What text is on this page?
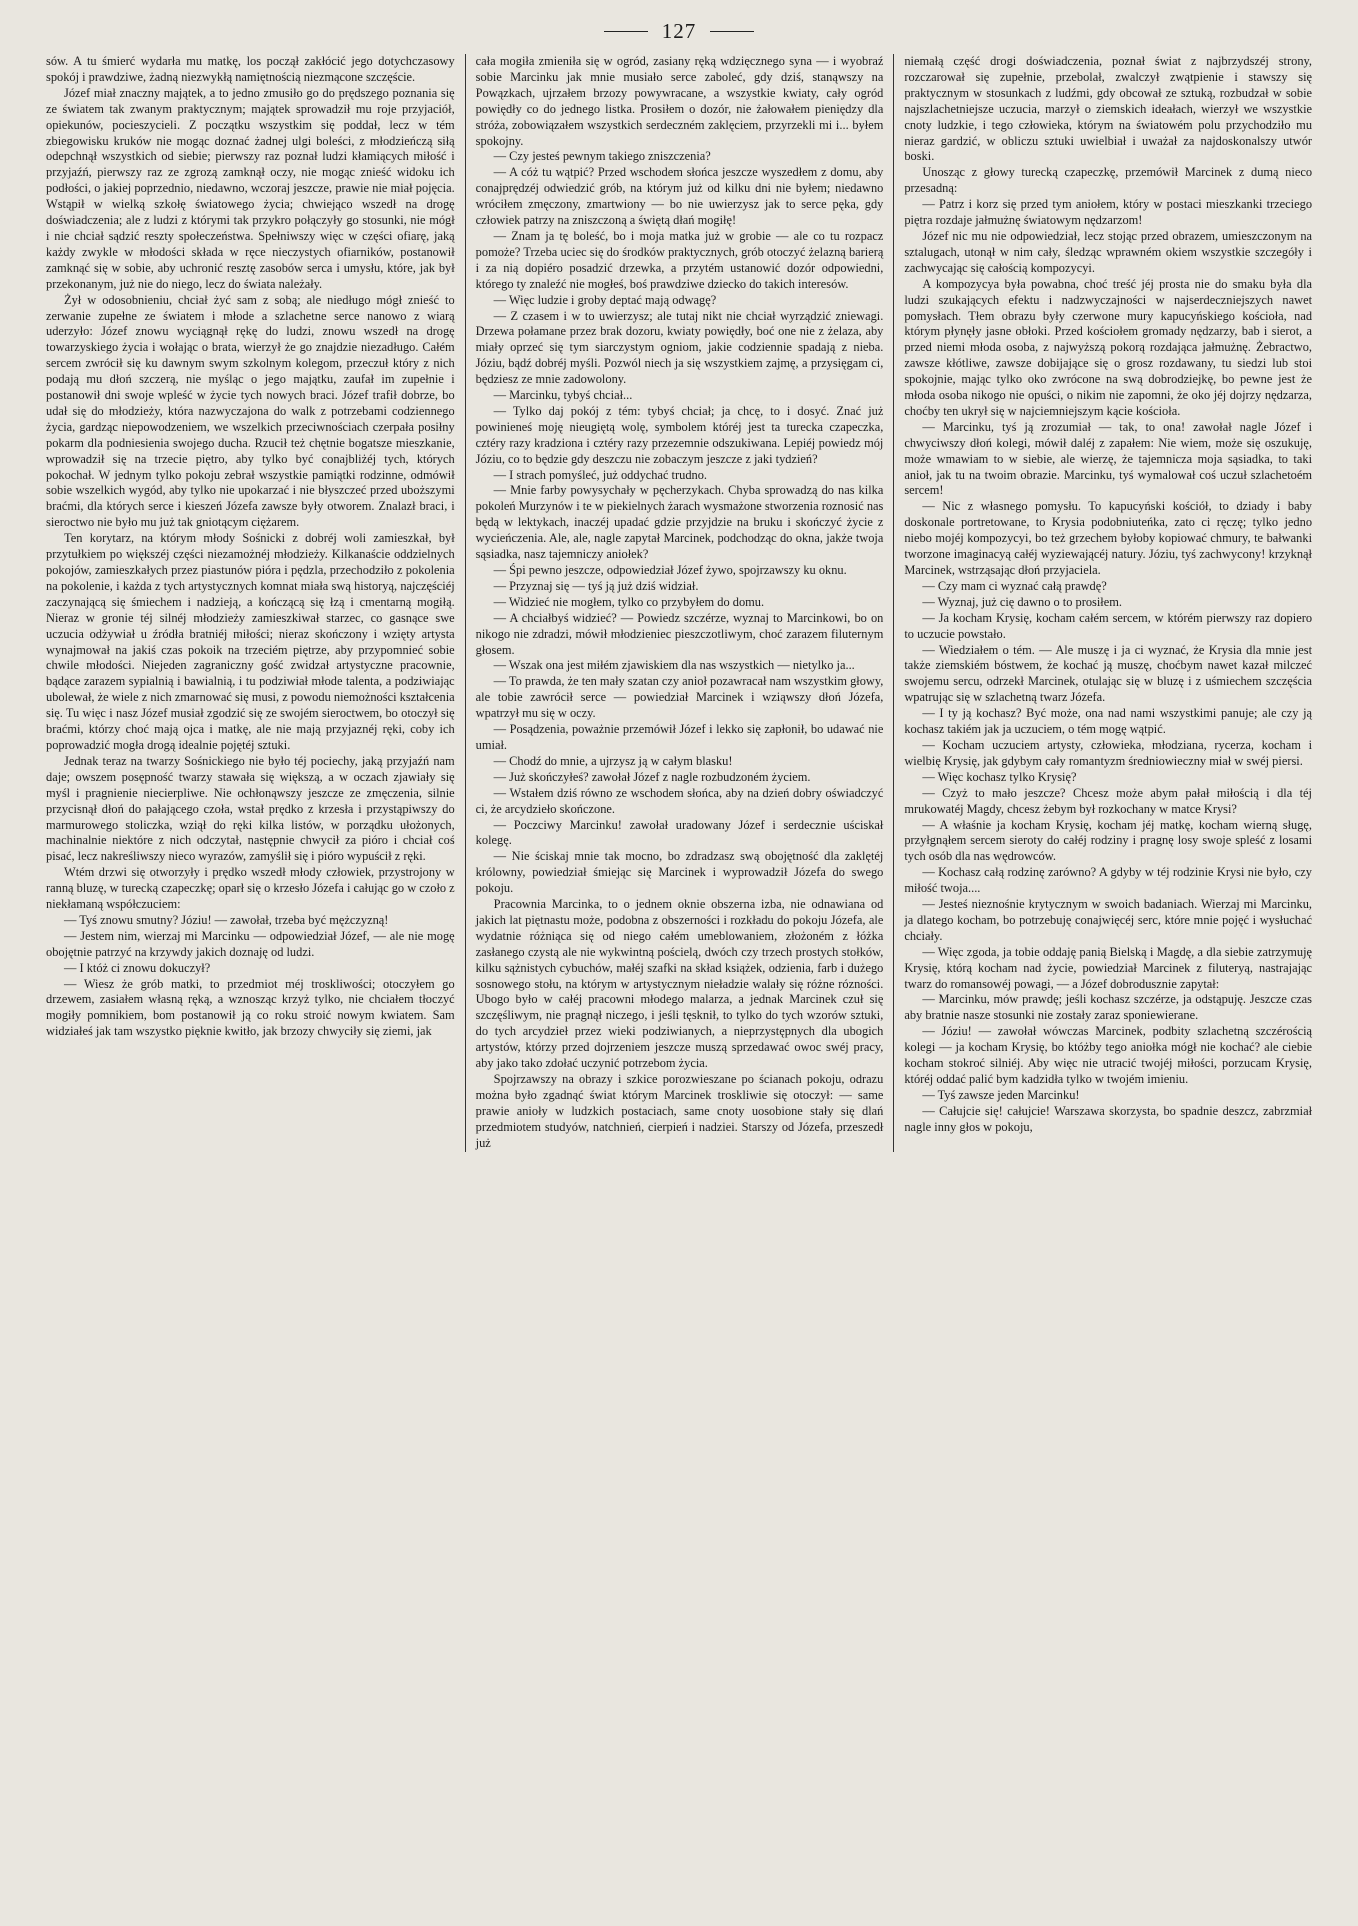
127

sów. A tu śmierć wydarła mu matkę, los począł zakłócić jego dotychczasowy spokój i prawdziwe, żadną niezwykłą namiętnością niezmącone szczęście.

Józef miał znaczny majątek, a to jedno zmusiło go do prędszego poznania się ze światem tak zwanym praktycznym; majątek sprowadził mu roje przyjaciół, opiekunów, pocieszycieli. Z początku wszystkim się poddał, lecz w tém zbiegowisku kruków nie mogąc doznać żadnej ulgi boleści, z młodzieńczą siłą odepchnął wszystkich od siebie; pierwszy raz poznał ludzi kłamiących miłość i przyjaźń, pierwszy raz ze zgrozą zamknął oczy, nie mogąc znieść widoku ich podłości, o jakiej poprzednio, niedawno, wczoraj jeszcze, prawie nie miał pojęcia. Wstąpił w wielką szkołę światowego życia; chwiejąco wszedł na drogę doświadczenia; ale z ludzi z którymi tak przykro połączyły go stosunki, nie mógł i nie chciał sądzić reszty społeczeństwa. Spełniwszy więc w części ofiarę, jaką każdy zwykle w młodości składa w ręce nieczystych ofiarników, postanowił zamknąć się w sobie, aby uchronić resztę zasobów serca i umysłu, które, jak był przekonanym, już nie do niego, lecz do świata należały.

Żył w odosobnieniu, chciał żyć sam z sobą; ale niedługo mógł znieść to zerwanie zupełne ze światem i młode a szlachetne serce nanowo z wiarą uderzyło: Józef znowu wyciągnął rękę do ludzi, znowu wszedł na drogę towarzyskiego życia i wołając o brata, wierzył że go znajdzie niezadługo. Całém sercem zwrócił się ku dawnym swym szkolnym kolegom, przeczuł który z nich podają mu dłoń szczerą, nie myśląc o jego majątku, zaufał im zupełnie i postanowił dni swoje wpleść w życie tych nowych braci. Józef trafił dobrze, bo udał się do młodzieży, która nazwyczajona do walk z potrzebami codziennego życia, gardząc niepowodzeniem, we wszelkich przeciwnościach czerpała posiłny pokarm dla podniesienia swojego ducha. Rzucił też chętnie bogatsze mieszkanie, wprowadził się na trzecie piętro, aby tylko być conajbliżéj tych, których pokochał. W jednym tylko pokoju zebrał wszystkie pamiątki rodzinne, odmówił sobie wszelkich wygód, aby tylko nie upokarzać i nie błyszczeć przed uboższymi braćmi, dla których serce i kieszeń Józefa zawsze były otworem. Znalazł braci, i sieroctwo nie było mu już tak gniotącym ciężarem.

Ten korytarz, na którym młody Sośnicki z dobréj woli zamieszkał, był przytułkiem po większéj części niezamożnéj młodzieży. Kilkanaście oddzielnych pokojów, zamieszkałych przez piastunów pióra i pędzla, przechodziło z pokolenia na pokolenie, i każda z tych artystycznych komnat miała swą historyą, najczęściéj zaczynającą się śmiechem i nadzieją, a kończącą się łzą i cmentarną mogiłą. Nieraz w gronie téj silnéj młodzieży zamieszkiwał starzec, co gasnące swe uczucia odżywiał u źródła bratniéj miłości; nieraz skończony i wzięty artysta wynajmował na jakiś czas pokoik na trzeciém piętrze, aby przypomnieć sobie chwile młodości. Niejeden zagraniczny gość zwidzał artystyczne pracownie, bądące zarazem sypialnią i bawialnią, i tu podziwiał młode talenta, a podziwiając ubolewał, że wiele z nich zmarnować się musi, z powodu niemożności kształcenia się. Tu więc i nasz Józef musiał zgodzić się ze swojém sieroctwem, bo otoczył się braćmi, którzy choć mają ojca i matkę, ale nie mają przyjaznéj ręki, coby ich poprowadzić mogła drogą idealnie pojętéj sztuki.

Jednak teraz na twarzy Sośnickiego nie było téj pociechy, jaką przyjaźń nam daje; owszem posępność twarzy stawała się większą, a w oczach zjawiały się myśl i pragnienie niecierpliwe. Nie ochłonąwszy jeszcze ze zmęczenia, silnie przycisnął dłoń do pałającego czoła, wstał prędko z krzesła i przystąpiwszy do marmurowego stoliczka, wziął do ręki kilka listów, w porządku ułożonych, machinalnie niektóre z nich odczytał, następnie chwycił za pióro i chciał coś pisać, lecz nakreśliwszy nieco wyrazów, zamyślił się i pióro wypuścił z ręki.

Wtém drzwi się otworzyły i prędko wszedł młody człowiek, przystrojony w ranną bluzę, w turecką czapeczkę; oparł się o krzesło Józefa i całując go w czoło z niekłamaną współczuciem:

— Tyś znowu smutny? Józiu! — zawołał, trzeba być mężczyzną!

— Jestem nim, wierzaj mi Marcinku — odpowiedział Józef, — ale nie mogę obojętnie patrzyć na krzywdy jakich doznaję od ludzi.

— I któż ci znowu dokuczył?

— Wiesz że grób matki, to przedmiot méj troskliwości; otoczyłem go drzewem, zasiałem własną ręką, a wznosząc krzyż tylko, nie chciałem tłoczyć mogiły pomnikiem, bom postanowił ją co roku stroić nowym kwiatem. Sam widziałeś jak tam wszystko pięknie kwitło, jak brzozy chwyciły się ziemi, jak

cała mogiła zmieniła się w ogród, zasiany ręką wdzięcznego syna — i wyobraź sobie Marcinku jak mnie musiało serce zaboleć, gdy dziś, stanąwszy na Powązkach, ujrzałem brzozy powywracane, a wszystkie kwiaty, cały ogród powiędły co do jednego listka. Prosiłem o dozór, nie żałowałem pieniędzy dla stróża, zobowiązałem wszystkich serdeczném zaklęciem, przyrzekli mi i... byłem spokojny.

— Czy jesteś pewnym takiego zniszczenia?

— A cóż tu wątpić? Przed wschodem słońca jeszcze wyszedłem z domu, aby conajprędzéj odwiedzić grób, na którym już od kilku dni nie byłem; niedawno wróciłem zmęczony, zmartwiony — bo nie uwierzysz jak to serce pęka, gdy człowiek patrzy na zniszczoną a świętą dłań mogiłę!

— Znam ja tę boleść, bo i moja matka już w grobie — ale co tu rozpacz pomoże? Trzeba uciec się do środków praktycznych, grób otoczyć żelazną barierą i za nią dopiéro posadzić drzewka, a przytém ustanowić dozór odpowiedni, którego ty znaleźć nie mogłeś, boś prawdziwe dziecko do takich interesów.

— Więc ludzie i groby deptać mają odwagę?

— Z czasem i w to uwierzysz; ale tutaj nikt nie chciał wyrządzić zniewagi. Drzewa połamane przez brak dozoru, kwiaty powiędły, boć one nie z żelaza, aby miały oprzeć się tym siarczystym ogniom, jakie codziennie spadają z nieba. Józiu, bądź dobréj myśli. Pozwól niech ja się wszystkiem zajmę, a przysięgam ci, będziesz ze mnie zadowolony.

— Marcinku, tybyś chciał...

— Tylko daj pokój z tém: tybyś chciał; ja chcę, to i dosyć. Znać już powinieneś moję nieugiętą wolę, symbolem któréj jest ta turecka czapeczka, cztéry razy kradziona i cztéry razy przezemnie odszukiwana. Lepiéj powiedz mój Józiu, co to będzie gdy deszczu nie zobaczym jeszcze z jaki tydzień?

— I strach pomyśleć, już oddychać trudno.

— Mnie farby powysychały w pęcherzykach. Chyba sprowadzą do nas kilka pokoleń Murzynów i te w piekielnych żarach wysmażone stworzenia roznosić nas będą w lektykach, inaczéj upadać gdzie przyjdzie na bruku i skończyć życie z wycieńczenia. Ale, ale, nagle zapytał Marcinek, podchodząc do okna, jakże twoja sąsiadka, nasz tajemniczy aniołek?

— Śpi pewno jeszcze, odpowiedział Józef żywo, spojrzawszy ku oknu.

— Przyznaj się — tyś ją już dziś widział.

— Widzieć nie mogłem, tylko co przybyłem do domu.

— A chciałbyś widzieć? — Powiedz szczérze, wyznaj to Marcinkowi, bo on nikogo nie zdradzi, mówił młodzieniec pieszczotliwym, choć zarazem filuternym głosem.

— Wszak ona jest miłém zjawiskiem dla nas wszystkich — nietylko ja...

— To prawda, że ten mały szatan czy anioł pozawracał nam wszystkim głowy, ale tobie zawrócił serce — powiedział Marcinek i wziąwszy dłoń Józefa, wpatrzył mu się w oczy.

— Posądzenia, poważnie przemówił Józef i lekko się zapłonił, bo udawać nie umiał.

— Chodź do mnie, a ujrzysz ją w całym blasku!

— Już skończyłeś? zawołał Józef z nagle rozbudzoném życiem.

— Wstałem dziś równo ze wschodem słońca, aby na dzień dobry oświadczyć ci, że arcydzieło skończone.

— Poczciwy Marcinku! zawołał uradowany Józef i serdecznie uściskał kolegę.

— Nie ściskaj mnie tak mocno, bo zdradzasz swą obojętność dla zaklętéj królowny, powiedział śmiejąc się Marcinek i wyprowadził Józefa do swego pokoju.

Pracownia Marcinka, to o jednem oknie obszerna izba, nie odnawiana od jakich lat piętnastu może, podobna z obszerności i rozkładu do pokoju Józefa, ale wydatnie różniąca się od niego całém umeblowaniem, złożoném z łóżka zasłanego czystą ale nie wykwintną pościelą, dwóch czy trzech prostych stołków, kilku sążnistych cybuchów, małéj szafki na skład książek, odzienia, farb i dużego sosnowego stołu, na którym w artystycznym nieładzie walały się różne rózności. Ubogo było w całéj pracowni młodego malarza, a jednak Marcinek czuł się szczęśliwym, nie pragnął niczego, i jeśli tęsknił, to tylko do tych wzorów sztuki, do tych arcydzieł przez wieki podziwianych, a nieprzystępnych dla ubogich artystów, którzy przed dojrzeniem jeszcze muszą sprzedawać owoc swéj pracy, aby jako tako zdołać uczynić potrzebom życia.

Spojrzawszy na obrazy i szkice porozwieszane po ścianach pokoju, odrazu można było zgadnąć świat którym Marcinek troskliwie się otoczył: — same prawie anioły w ludzkich postaciach, same cnoty uosobione stały się dlań przedmiotem studyów, natchnień, cierpień i nadziei. Starszy od Józefa, przeszedł już

niemałą część drogi doświadczenia, poznał świat z najbrzydszéj strony, rozczarował się zupełnie, przebolał, zwalczył zwątpienie i stawszy się praktycznym w stosunkach z ludźmi, gdy obcował ze sztuką, rozbudzał w sobie najszlachetniejsze uczucia, marzył o ziemskich ideałach, wierzył we wszystkie cnoty ludzkie, i tego człowieka, którym na światowém polu przychodziło mu nieraz gardzić, w obliczu sztuki uwielbiał i uważał za najdoskonalszy utwór boski.

Unosząc z głowy turecką czapeczkę, przemówił Marcinek z dumą nieco przesadną:

— Patrz i korz się przed tym aniołem, który w postaci mieszkanki trzeciego piętra rozdaje jałmużnę światowym nędzarzom!

Józef nic mu nie odpowiedział, lecz stojąc przed obrazem, umieszczonym na sztalugach, utonął w nim cały, śledząc wprawném okiem wszystkie szczegóły i zachwycając się całością kompozycyi.

A kompozycya była powabna, choć treść jéj prosta nie do smaku była dla ludzi szukających efektu i nadzwyczajności w najserdeczniejszych nawet pomysłach. Tłem obrazu były czerwone mury kapucyńskiego kościoła, nad którym płynęły jasne obłoki. Przed kościołem gromady nędzarzy, bab i sierot, a przed niemi młoda osoba, z najwyższą pokorą rozdająca jałmużnę. Żebractwo, zawsze kłótliwe, zawsze dobijające się o grosz rozdawany, tu siedzi lub stoi spokojnie, mając tylko oko zwrócone na swą dobrodziejkę, bo pewne jest że młoda osoba nikogo nie opuści, o nikim nie zapomni, że oko jéj dojrzy nędzarza, choćby ten ukrył się w najciemniejszym kącie kościoła.

— Marcinku, tyś ją zrozumiał — tak, to ona! zawołał nagle Józef i chwyciwszy dłoń kolegi, mówił daléj z zapałem: Nie wiem, może się oszukuję, może wmawiam to w siebie, ale wierzę, że tajemnicza moja sąsiadka, to taki anioł, jak tu na twoim obrazie. Marcinku, tyś wymalował coś uczuł szlachetoém sercem!

— Nic z własnego pomysłu. To kapucyński kościół, to dziady i baby doskonale portretowane, to Krysia podobniuteńka, zato ci ręczę; tylko jedno niebo mojéj kompozycyi, bo też grzechem byłoby kopiować chmury, te bałwanki tworzone imaginacyą całéj wyziewającéj natury. Józiu, tyś zachwycony! krzyknął Marcinek, wstrząsając dłoń przyjaciela.

— Czy mam ci wyznać całą prawdę?

— Wyznaj, już cię dawno o to prosiłem.

— Ja kocham Krysię, kocham całém sercem, w którém pierwszy raz dopiero to uczucie powstało.

— Wiedziałem o tém. — Ale muszę i ja ci wyznać, że Krysia dla mnie jest także ziemskiém bóstwem, że kochać ją muszę, choćbym nawet kazał milczeć swojemu sercu, odrzekł Marcinek, otulając się w bluzę i z uśmiechem szczęścia wpatrując się w szlachetną twarz Józefa.

— I ty ją kochasz? Być może, ona nad nami wszystkimi panuje; ale czy ją kochasz takiém jak ja uczuciem, o tém mogę wątpić.

— Kocham uczuciem artysty, człowieka, młodziana, rycerza, kocham i wielbię Krysię, jak gdybym cały romantyzm średniowieczny miał w swéj piersi.

— Więc kochasz tylko Krysię?

— Czyż to mało jeszcze? Chcesz może abym pałał miłością i dla téj mrukowatéj Magdy, chcesz żebym był rozkochany w matce Krysi?

— A właśnie ja kocham Krysię, kocham jéj matkę, kocham wierną sługę, przyłgnąłem sercem sieroty do całéj rodziny i pragnę losy swoje spleść z losami tych osób dla nas wędrowców.

— Kochasz całą rodzinę zarówno? A gdyby w téj rodzinie Krysi nie było, czy miłość twoja....

— Jesteś nieznośnie krytycznym w swoich badaniach. Wierzaj mi Marcinku, ja dlatego kocham, bo potrzebuję conajwięcéj serc, które mnie pojęć i wysłuchać chciały.

— Więc zgoda, ja tobie oddaję panią Bielską i Magdę, a dla siebie zatrzymuję Krysię, którą kocham nad życie, powiedział Marcinek z filuteryą, nastrajając twarz do romansowéj powagi, — a Józef dobrodusznie zapytał:

— Marcinku, mów prawdę; jeśli kochasz szczérze, ja odstąpuję. Jeszcze czas aby bratnie nasze stosunki nie zostały zaraz sponiewierane.

— Józiu! — zawołał wówczas Marcinek, podbity szlachetną szczérością kolegi — ja kocham Krysię, bo któżby tego aniołka mógł nie kochać? ale ciebie kocham stokroć silniéj. Aby więc nie utracić twojéj miłości, porzucam Krysię, któréj oddać palić bym kadzidła tylko w twojém imieniu.

— Tyś zawsze jeden Marcinku!

— Całujcie się! całujcie! Warszawa skorzysta, bo spadnie deszcz, zabrzmiał nagle inny głos w pokoju,
